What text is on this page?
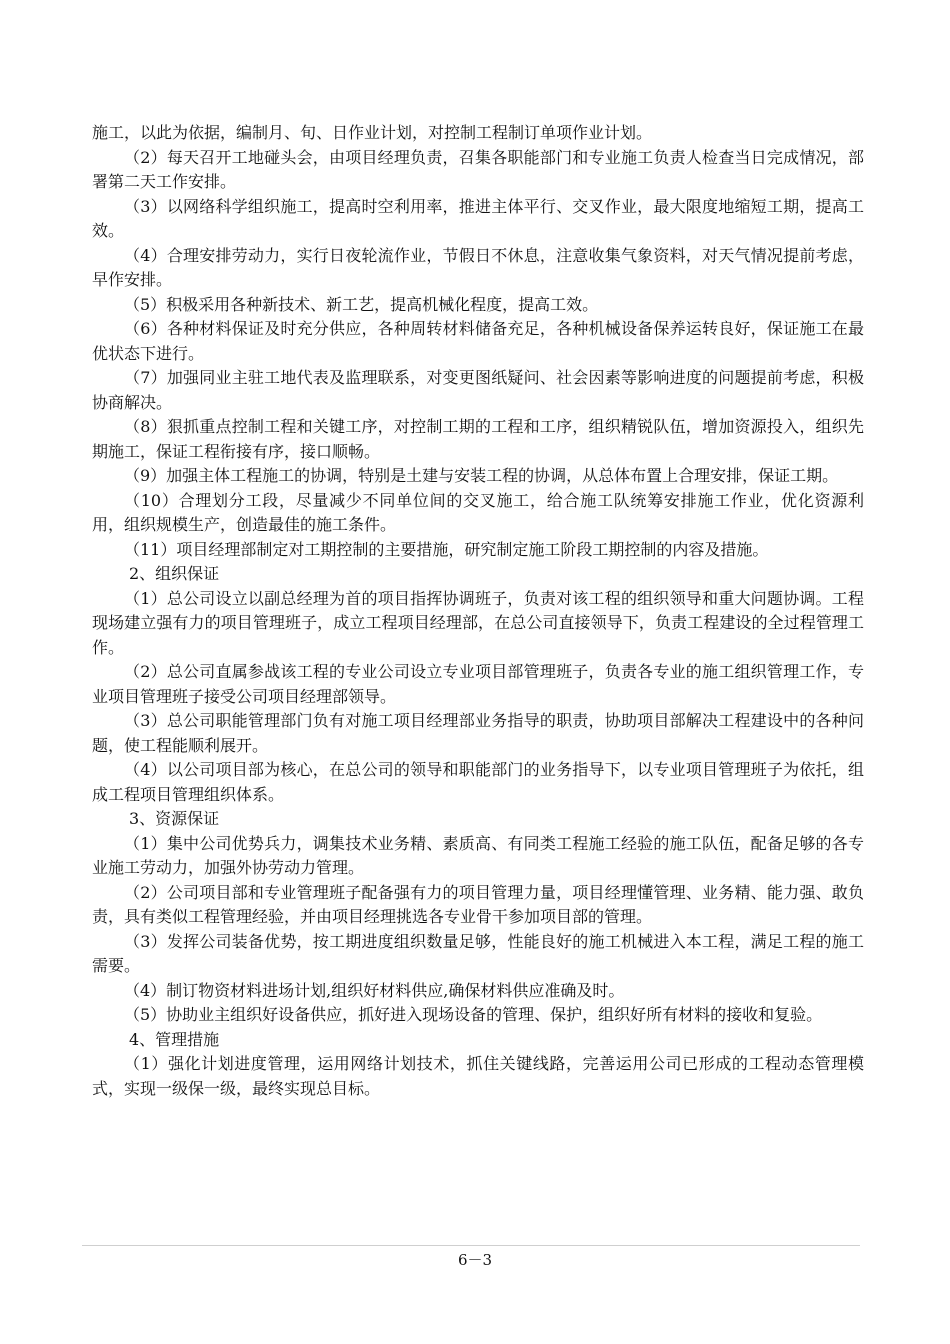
施工，以此为依据，编制月、旬、日作业计划，对控制工程制订单项作业计划。

（2）每天召开工地碰头会，由项目经理负责，召集各职能部门和专业施工负责人检查当日完成情况，部署第二天工作安排。

（3）以网络科学组织施工，提高时空利用率，推进主体平行、交叉作业，最大限度地缩短工期，提高工效。

（4）合理安排劳动力，实行日夜轮流作业，节假日不休息，注意收集气象资料，对天气情况提前考虑，早作安排。

（5）积极采用各种新技术、新工艺，提高机械化程度，提高工效。

（6）各种材料保证及时充分供应，各种周转材料储备充足，各种机械设备保养运转良好，保证施工在最优状态下进行。

（7）加强同业主驻工地代表及监理联系，对变更图纸疑问、社会因素等影响进度的问题提前考虑，积极协商解决。

（8）狠抓重点控制工程和关键工序，对控制工期的工程和工序，组织精锐队伍，增加资源投入，组织先期施工，保证工程衔接有序，接口顺畅。

（9）加强主体工程施工的协调，特别是土建与安装工程的协调，从总体布置上合理安排，保证工期。

（10）合理划分工段，尽量减少不同单位间的交叉施工，给合施工队统筹安排施工作业，优化资源利用，组织规模生产，创造最佳的施工条件。

（11）项目经理部制定对工期控制的主要措施，研究制定施工阶段工期控制的内容及措施。

2、组织保证

（1）总公司设立以副总经理为首的项目指挥协调班子，负责对该工程的组织领导和重大问题协调。工程现场建立强有力的项目管理班子，成立工程项目经理部，在总公司直接领导下，负责工程建设的全过程管理工作。

（2）总公司直属参战该工程的专业公司设立专业项目部管理班子，负责各专业的施工组织管理工作，专业项目管理班子接受公司项目经理部领导。

（3）总公司职能管理部门负有对施工项目经理部业务指导的职责，协助项目部解决工程建设中的各种问题，使工程能顺利展开。

（4）以公司项目部为核心，在总公司的领导和职能部门的业务指导下，以专业项目管理班子为依托，组成工程项目管理组织体系。

3、资源保证

（1）集中公司优势兵力，调集技术业务精、素质高、有同类工程施工经验的施工队伍，配备足够的各专业施工劳动力，加强外协劳动力管理。

（2）公司项目部和专业管理班子配备强有力的项目管理力量，项目经理懂管理、业务精、能力强、敢负责，具有类似工程管理经验，并由项目经理挑选各专业骨干参加项目部的管理。

（3）发挥公司装备优势，按工期进度组织数量足够，性能良好的施工机械进入本工程，满足工程的施工需要。

（4）制订物资材料进场计划,组织好材料供应,确保材料供应准确及时。

（5）协助业主组织好设备供应，抓好进入现场设备的管理、保护，组织好所有材料的接收和复验。

4、管理措施

（1）强化计划进度管理，运用网络计划技术，抓住关键线路，完善运用公司已形成的工程动态管理模式，实现一级保一级，最终实现总目标。

6－3
